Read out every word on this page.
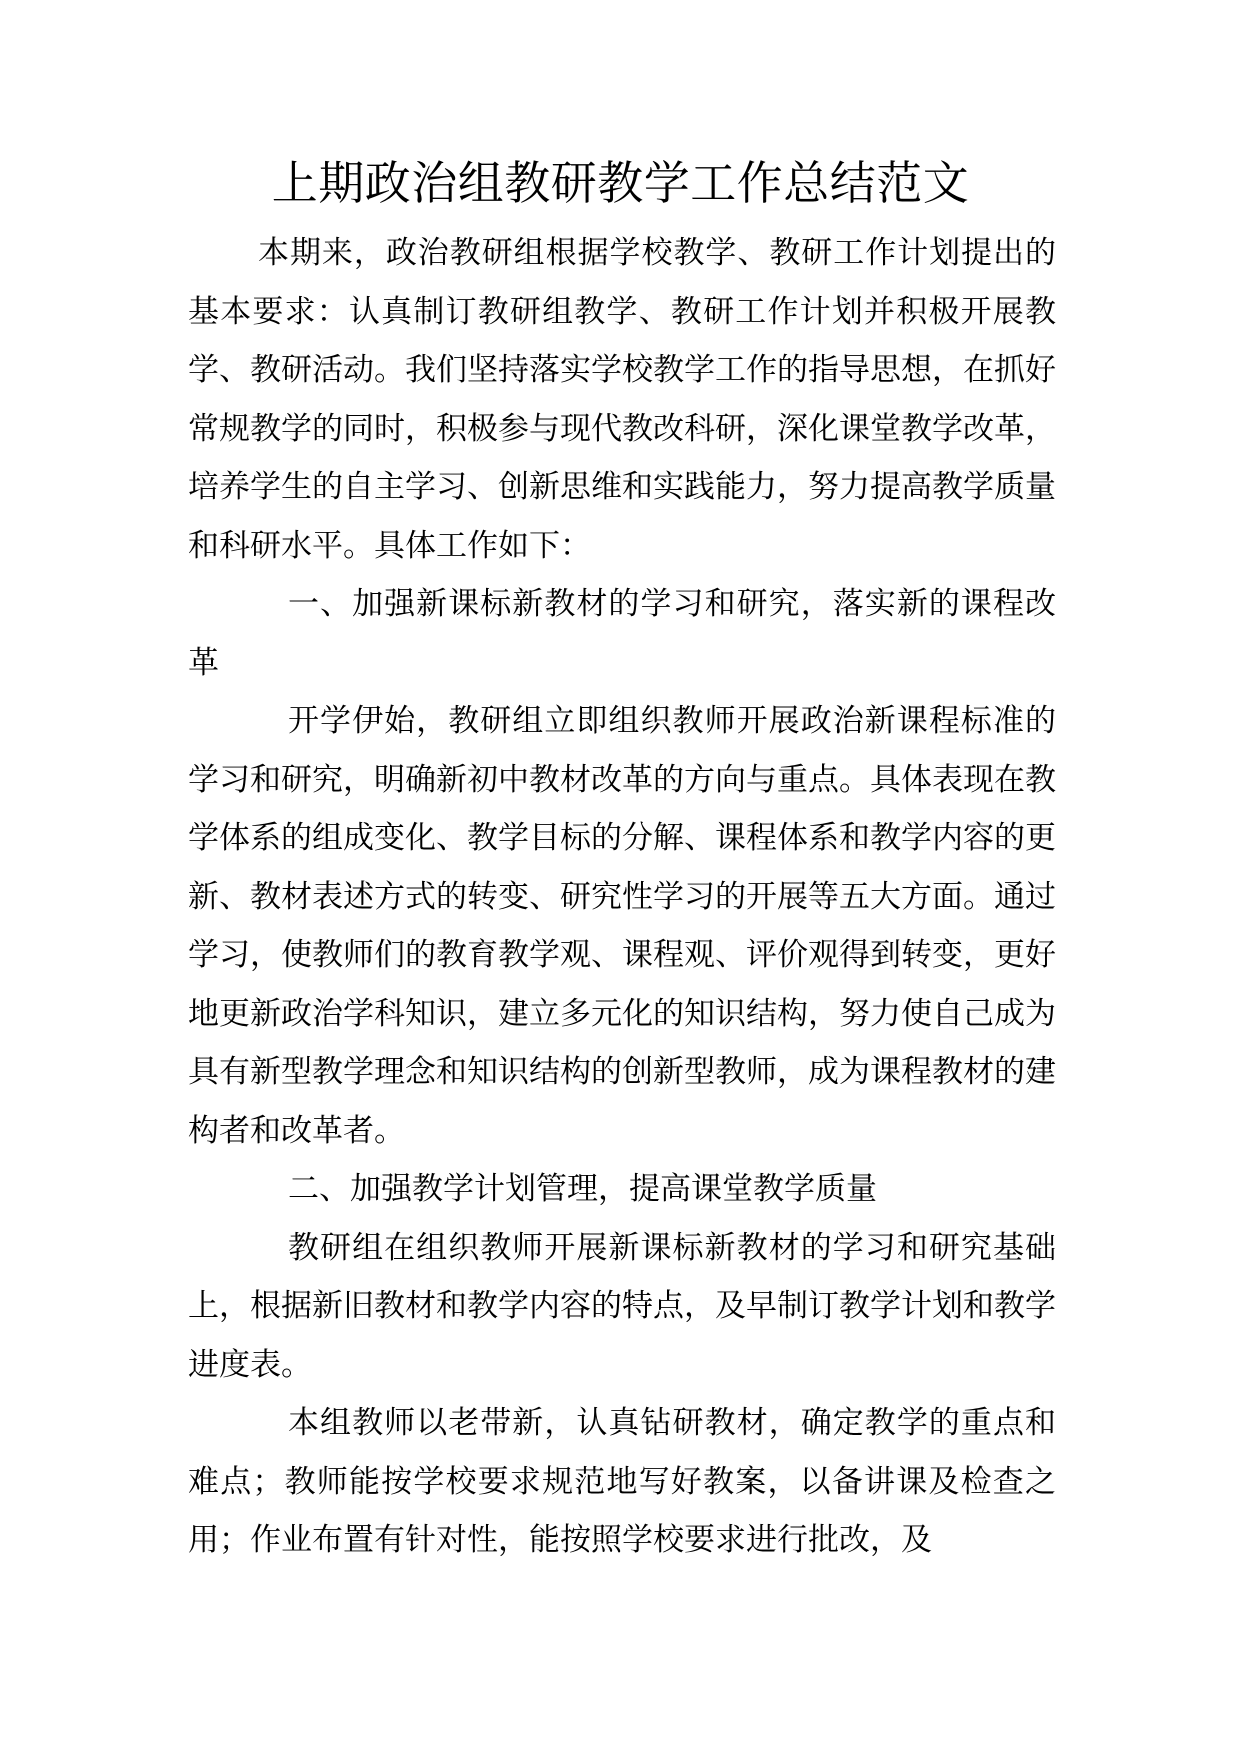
上期政治组教研教学工作总结范文

本期来，政治教研组根据学校教学、教研工作计划提出的基本要求：认真制订教研组教学、教研工作计划并积极开展教学、教研活动。我们坚持落实学校教学工作的指导思想，在抓好常规教学的同时，积极参与现代教改科研，深化课堂教学改革，培养学生的自主学习、创新思维和实践能力，努力提高教学质量和科研水平。具体工作如下：

一、加强新课标新教材的学习和研究，落实新的课程改革

开学伊始，教研组立即组织教师开展政治新课程标准的学习和研究，明确新初中教材改革的方向与重点。具体表现在教学体系的组成变化、教学目标的分解、课程体系和教学内容的更新、教材表述方式的转变、研究性学习的开展等五大方面。通过学习，使教师们的教育教学观、课程观、评价观得到转变，更好地更新政治学科知识，建立多元化的知识结构，努力使自己成为具有新型教学理念和知识结构的创新型教师，成为课程教材的建构者和改革者。

二、加强教学计划管理，提高课堂教学质量

教研组在组织教师开展新课标新教材的学习和研究基础上，根据新旧教材和教学内容的特点，及早制订教学计划和教学进度表。

本组教师以老带新，认真钻研教材，确定教学的重点和难点；教师能按学校要求规范地写好教案，以备讲课及检查之用；作业布置有针对性，能按照学校要求进行批改，及
